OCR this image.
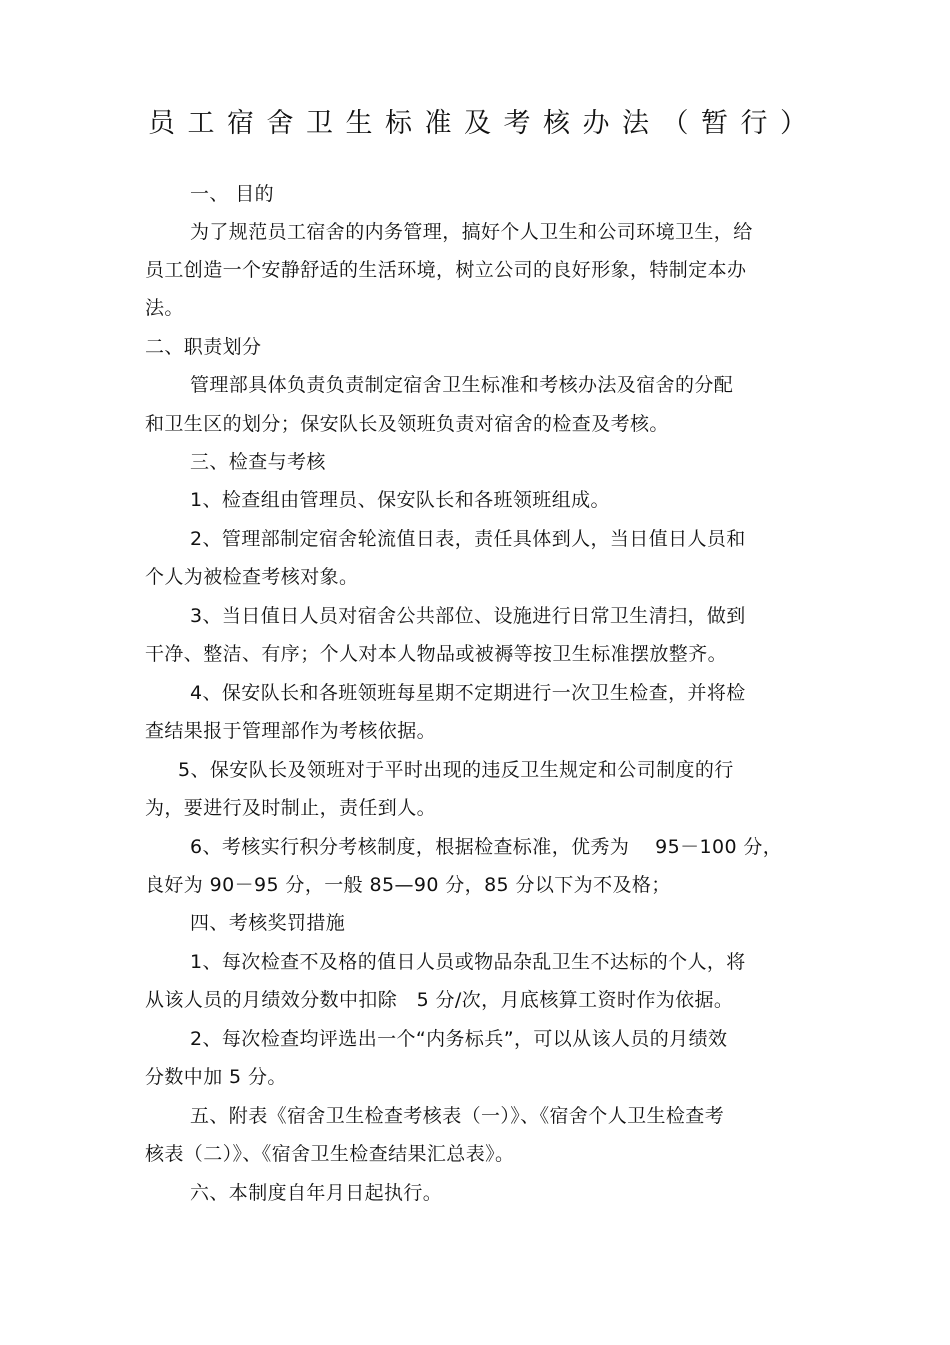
员工宿舍卫生标准及考核办法（暂行）
一、 目的
为了规范员工宿舍的内务管理，搞好个人卫生和公司环境卫生，给
员工创造一个安静舒适的生活环境，树立公司的良好形象，特制定本办
法。
二、职责划分
管理部具体负责负责制定宿舍卫生标准和考核办法及宿舍的分配
和卫生区的划分；保安队长及领班负责对宿舍的检查及考核。
三、检查与考核
1、检查组由管理员、保安队长和各班领班组成。
2、管理部制定宿舍轮流值日表，责任具体到人，当日值日人员和
个人为被检查考核对象。
3、当日值日人员对宿舍公共部位、设施进行日常卫生清扫，做到
干净、整洁、有序；个人对本人物品或被褥等按卫生标准摆放整齐。
4、保安队长和各班领班每星期不定期进行一次卫生检查，并将检
查结果报于管理部作为考核依据。
5、保安队长及领班对于平时出现的违反卫生规定和公司制度的行
为，要进行及时制止，责任到人。
6、考核实行积分考核制度，根据检查标准，优秀为　 95－100 分，
良好为 90－95 分，一般 85—90 分，85 分以下为不及格；
四、考核奖罚措施
1、每次检查不及格的值日人员或物品杂乱卫生不达标的个人，将
从该人员的月绩效分数中扣除　5 分/次，月底核算工资时作为依据。
2、每次检查均评选出一个“内务标兵”，可以从该人员的月绩效
分数中加 5 分。
五、附表《宿舍卫生检查考核表（一）》、《宿舍个人卫生检查考
核表（二）》、《宿舍卫生检查结果汇总表》。
六、本制度自年月日起执行。
